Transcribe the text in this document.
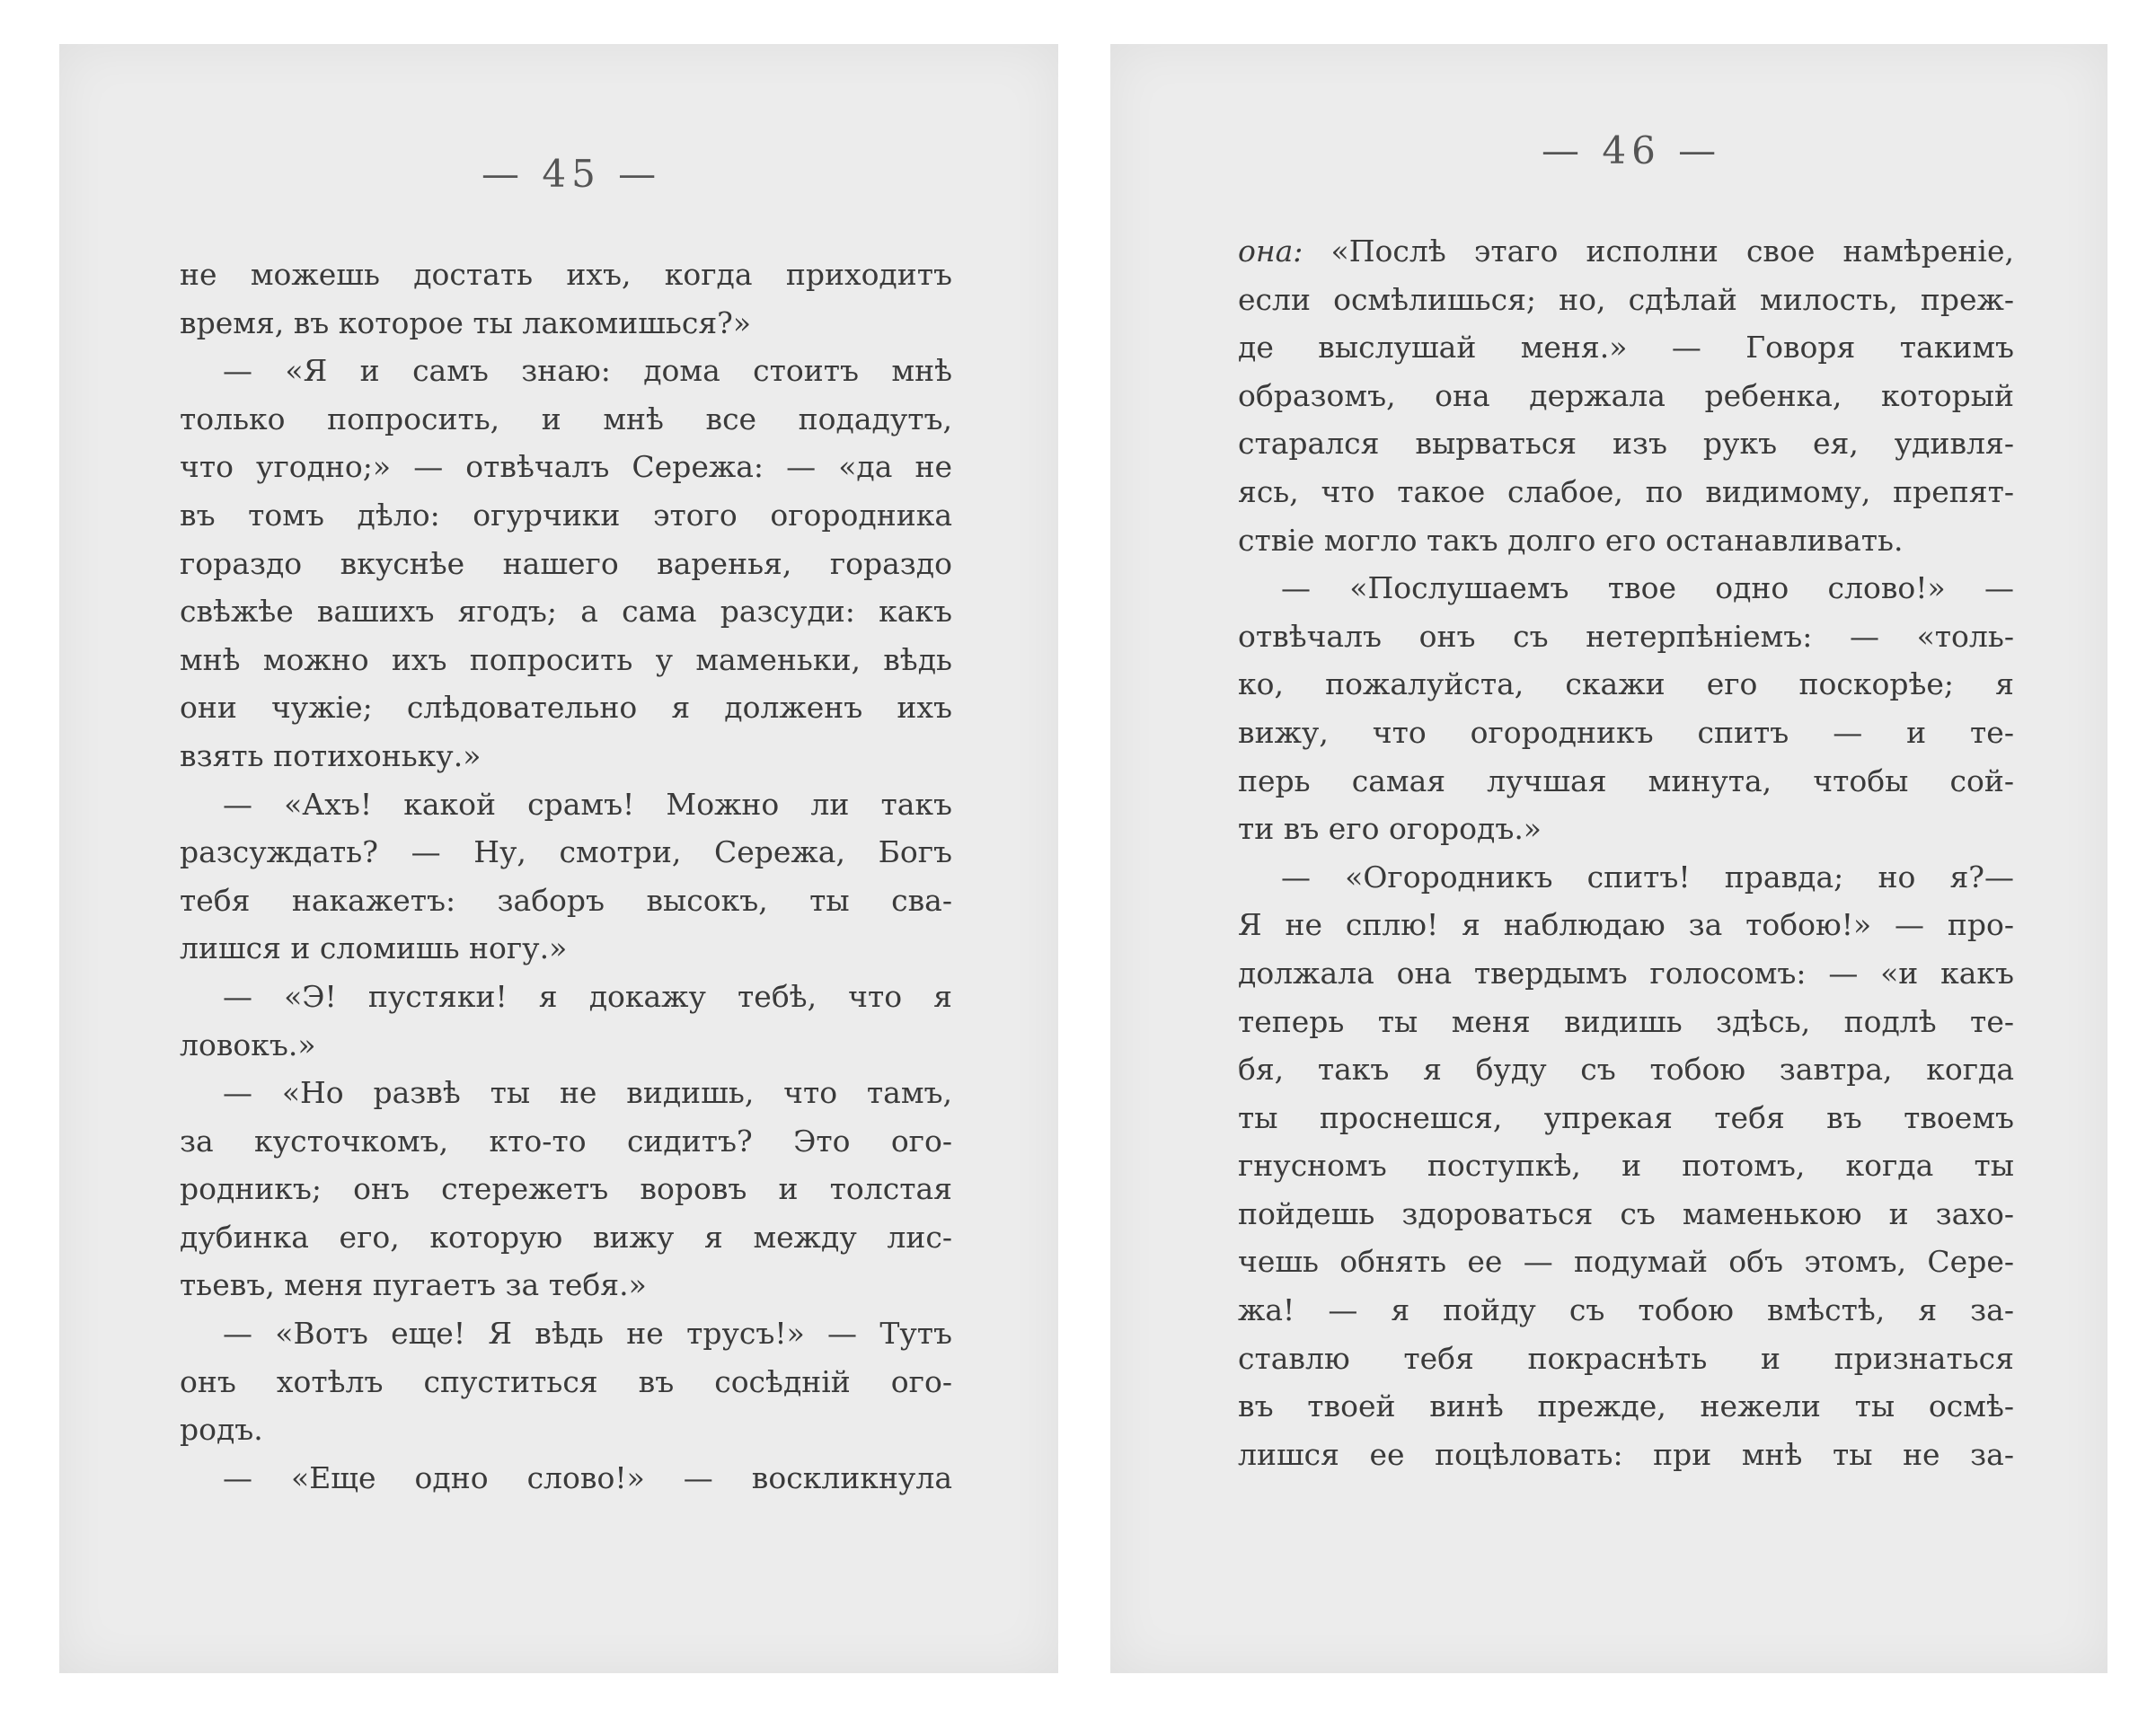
— 45 —
не можешь достать ихъ, когда приходитъ
время, въ которое ты лакомишься?»
— «Я и самъ знаю: дома стоитъ мнѣ
только попросить, и мнѣ все подадутъ,
что угодно;» — отвѣчалъ Сережа: — «да не
въ томъ дѣло: огурчики этого огородника
гораздо вкуснѣе нашего варенья, гораздо
свѣжѣе вашихъ ягодъ; а сама разсуди: какъ
мнѣ можно ихъ попросить у маменьки, вѣдь
они чужіе; слѣдовательно я долженъ ихъ
взять потихоньку.»
— «Ахъ! какой срамъ! Можно ли такъ
разсуждать? — Ну, смотри, Сережа, Богъ
тебя накажетъ: заборъ высокъ, ты сва-
лишся и сломишь ногу.»
— «Э! пустяки! я докажу тебѣ, что я
ловокъ.»
— «Но развѣ ты не видишь, что тамъ,
за кусточкомъ, кто-то сидитъ? Это ого-
родникъ; онъ стережетъ воровъ и толстая
дубинка его, которую вижу я между лис-
тьевъ, меня пугаетъ за тебя.»
— «Вотъ еще! Я вѣдь не трусъ!» — Тутъ
онъ хотѣлъ спуститься въ сосѣдній ого-
родъ.
— «Еще одно слово!» — воскликнула
— 46 —
она: «Послѣ этаго исполни свое намѣреніе,
если осмѣлишься; но, сдѣлай милость, преж-
де выслушай меня.» — Говоря такимъ
образомъ, она держала ребенка, который
старался вырваться изъ рукъ ея, удивля-
ясь, что такое слабое, по видимому, препят-
ствіе могло такъ долго его останавливать.
— «Послушаемъ твое одно слово!» —
отвѣчалъ онъ съ нетерпѣніемъ: — «толь-
ко, пожалуйста, скажи его поскорѣе; я
вижу, что огородникъ спитъ — и те-
перь самая лучшая минута, чтобы сой-
ти въ его огородъ.»
— «Огородникъ спитъ! правда; но я?—
Я не сплю! я наблюдаю за тобою!» — про-
должала она твердымъ голосомъ: — «и какъ
теперь ты меня видишь здѣсь, подлѣ те-
бя, такъ я буду съ тобою завтра, когда
ты проснешся, упрекая тебя въ твоемъ
гнусномъ поступкѣ, и потомъ, когда ты
пойдешь здороваться съ маменькою и захо-
чешь обнять ее — подумай объ этомъ, Сере-
жа! — я пойду съ тобою вмѣстѣ, я за-
ставлю тебя покраснѣть и признаться
въ твоей винѣ прежде, нежели ты осмѣ-
лишся ее поцѣловать: при мнѣ ты не за-
